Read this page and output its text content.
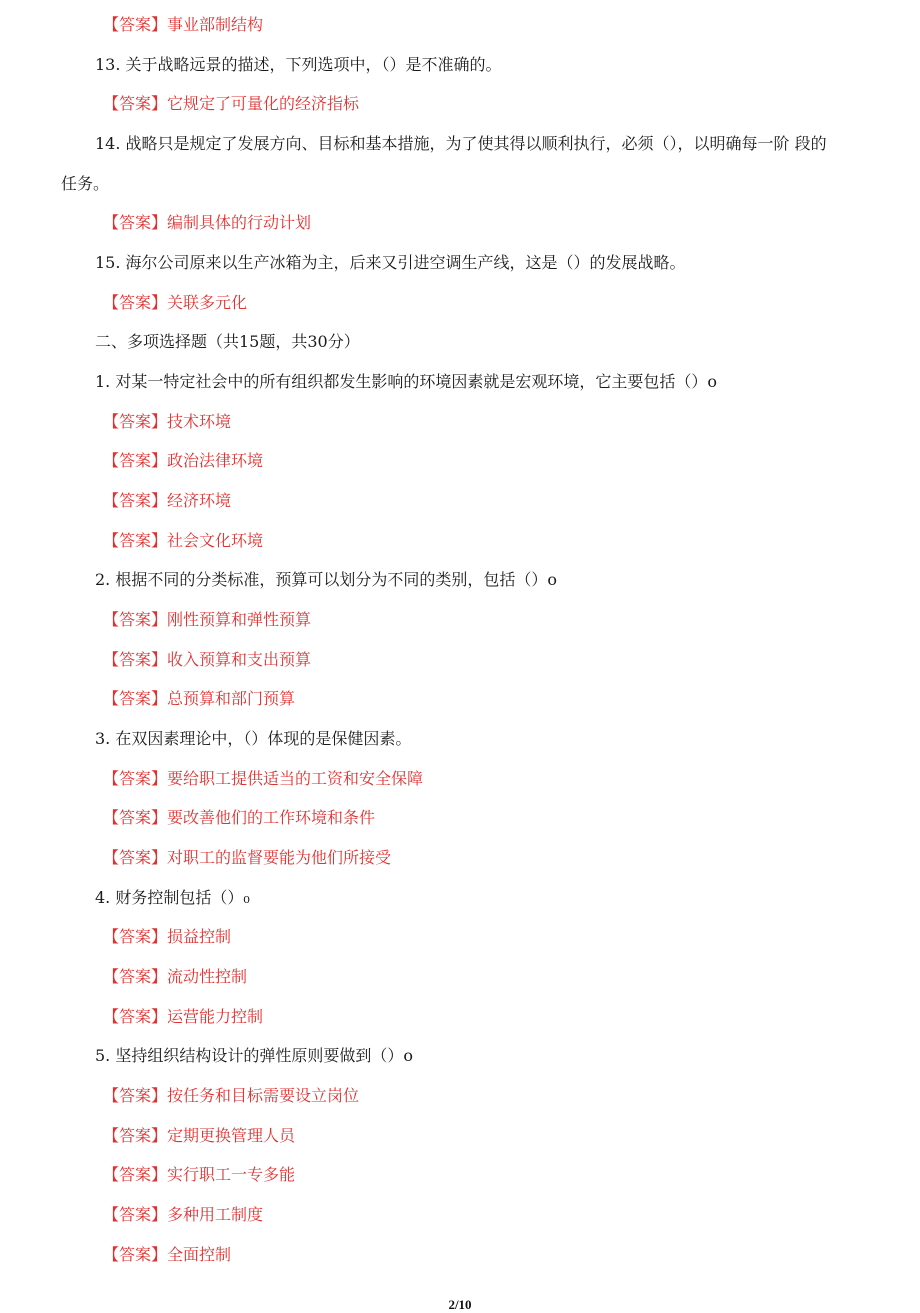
【答案】事业部制结构
13. 关于战略远景的描述，下列选项中，（）是不准确的。
【答案】它规定了可量化的经济指标
14. 战略只是规定了发展方向、目标和基本措施，为了使其得以顺利执行，必须（），以明确每一阶 段的
任务。
【答案】编制具体的行动计划
15. 海尔公司原来以生产冰箱为主，后来又引进空调生产线，这是（）的发展战略。
【答案】关联多元化
二、多项选择题（共15题，共30分）
1. 对某一特定社会中的所有组织都发生影响的环境因素就是宏观环境，它主要包括（）o
【答案】技术环境
【答案】政治法律环境
【答案】经济环境
【答案】社会文化环境
2. 根据不同的分类标准，预算可以划分为不同的类别，包括（）o
【答案】刚性预算和弹性预算
【答案】收入预算和支出预算
【答案】总预算和部门预算
3. 在双因素理论中，（）体现的是保健因素。
【答案】要给职工提供适当的工资和安全保障
【答案】要改善他们的工作环境和条件
【答案】对职工的监督要能为他们所接受
4. 财务控制包括（）₀
【答案】损益控制
【答案】流动性控制
【答案】运营能力控制
5. 坚持组织结构设计的弹性原则要做到（）o
【答案】按任务和目标需要设立岗位
【答案】定期更换管理人员
【答案】实行职工一专多能
【答案】多种用工制度
【答案】全面控制
2/10
